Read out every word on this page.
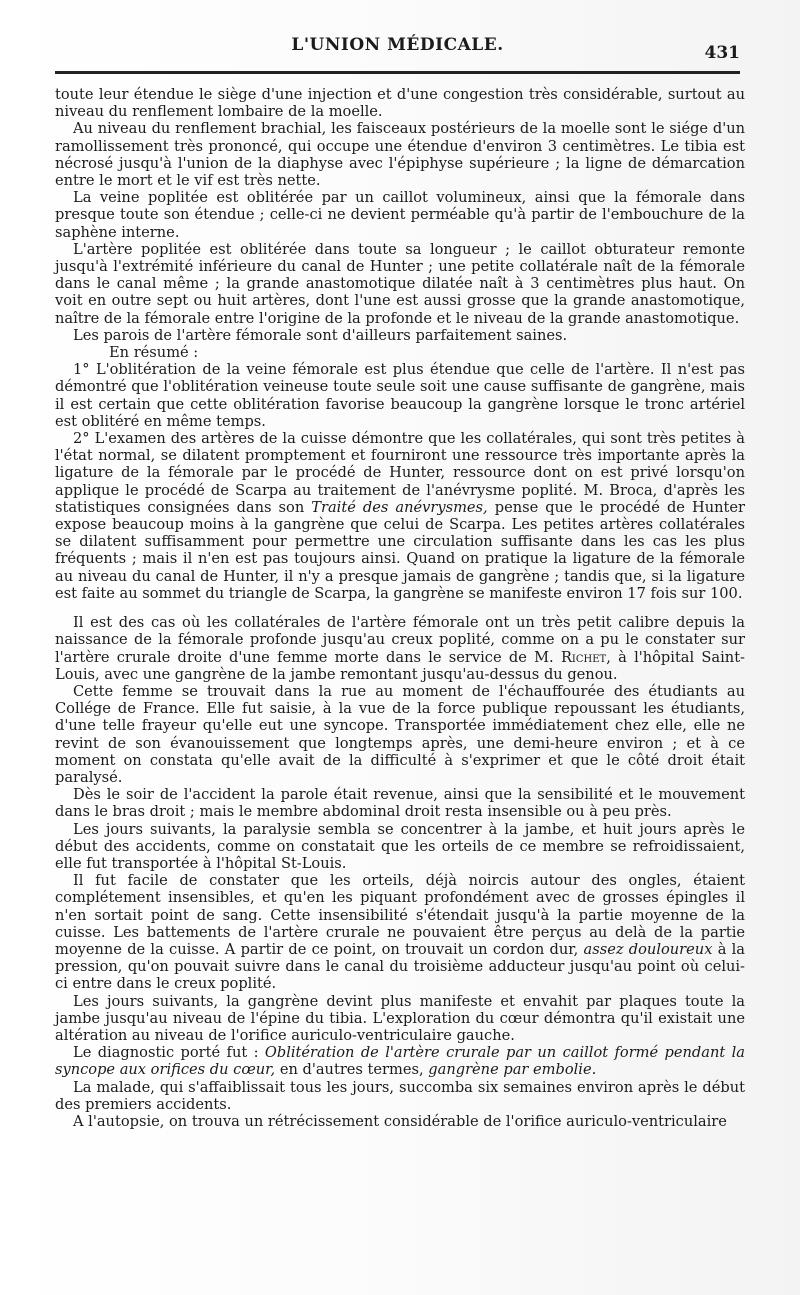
L'UNION MÉDICALE.	431

toute leur étendue le siège d'une injection et d'une congestion très considérable, surtout au niveau du renflement lombaire de la moelle.

Au niveau du renflement brachial, les faisceaux postérieurs de la moelle sont le siége d'un ramollissement très prononcé, qui occupe une étendue d'environ 3 centimètres. Le tibia est nécrosé jusqu'à l'union de la diaphyse avec l'épiphyse supérieure ; la ligne de démarcation entre le mort et le vif est très nette.

La veine poplitée est oblitérée par un caillot volumineux, ainsi que la fémorale dans presque toute son étendue ; celle-ci ne devient perméable qu'à partir de l'embouchure de la saphène interne.

L'artère poplitée est oblitérée dans toute sa longueur ; le caillot obturateur remonte jusqu'à l'extrémité inférieure du canal de Hunter ; une petite collatérale naît de la fémorale dans le canal même ; la grande anastomotique dilatée naît à 3 centimètres plus haut. On voit en outre sept ou huit artères, dont l'une est aussi grosse que la grande anastomotique, naître de la fémorale entre l'origine de la profonde et le niveau de la grande anastomotique.

Les parois de l'artère fémorale sont d'ailleurs parfaitement saines.

En résumé :

1° L'oblitération de la veine fémorale est plus étendue que celle de l'artère. Il n'est pas démontré que l'oblitération veineuse toute seule soit une cause suffisante de gangrène, mais il est certain que cette oblitération favorise beaucoup la gangrène lorsque le tronc artériel est oblitéré en même temps.

2° L'examen des artères de la cuisse démontre que les collatérales, qui sont très petites à l'état normal, se dilatent promptement et fourniront une ressource très importante après la ligature de la fémorale par le procédé de Hunter, ressource dont on est privé lorsqu'on applique le procédé de Scarpa au traitement de l'anévrysme poplité. M. Broca, d'après les statistiques consignées dans son Traité des anévrysmes, pense que le procédé de Hunter expose beaucoup moins à la gangrène que celui de Scarpa. Les petites artères collatérales se dilatent suffisamment pour permettre une circulation suffisante dans les cas les plus fréquents ; mais il n'en est pas toujours ainsi. Quand on pratique la ligature de la fémorale au niveau du canal de Hunter, il n'y a presque jamais de gangrène ; tandis que, si la ligature est faite au sommet du triangle de Scarpa, la gangrène se manifeste environ 17 fois sur 100.

Il est des cas où les collatérales de l'artère fémorale ont un très petit calibre depuis la naissance de la fémorale profonde jusqu'au creux poplité, comme on a pu le constater sur l'artère crurale droite d'une femme morte dans le service de M. Richet, à l'hôpital Saint-Louis, avec une gangrène de la jambe remontant jusqu'au-dessus du genou.

Cette femme se trouvait dans la rue au moment de l'échauffourée des étudiants au Collége de France. Elle fut saisie, à la vue de la force publique repoussant les étudiants, d'une telle frayeur qu'elle eut une syncope. Transportée immédiatement chez elle, elle ne revint de son évanouissement que longtemps après, une demi-heure environ ; et à ce moment on constata qu'elle avait de la difficulté à s'exprimer et que le côté droit était paralysé.

Dès le soir de l'accident la parole était revenue, ainsi que la sensibilité et le mouvement dans le bras droit ; mais le membre abdominal droit resta insensible ou à peu près.

Les jours suivants, la paralysie sembla se concentrer à la jambe, et huit jours après le début des accidents, comme on constatait que les orteils de ce membre se refroidissaient, elle fut transportée à l'hôpital St-Louis.

Il fut facile de constater que les orteils, déjà noircis autour des ongles, étaient complétement insensibles, et qu'en les piquant profondément avec de grosses épingles il n'en sortait point de sang. Cette insensibilité s'étendait jusqu'à la partie moyenne de la cuisse. Les battements de l'artère crurale ne pouvaient être perçus au delà de la partie moyenne de la cuisse. A partir de ce point, on trouvait un cordon dur, assez douloureux à la pression, qu'on pouvait suivre dans le canal du troisième adducteur jusqu'au point où celui-ci entre dans le creux poplité.

Les jours suivants, la gangrène devint plus manifeste et envahit par plaques toute la jambe jusqu'au niveau de l'épine du tibia. L'exploration du cœur démontra qu'il existait une altération au niveau de l'orifice auriculo-ventriculaire gauche.

Le diagnostic porté fut : Oblitération de l'artère crurale par un caillot formé pendant la syncope aux orifices du cœur, en d'autres termes, gangrène par embolie.

La malade, qui s'affaiblissait tous les jours, succomba six semaines environ après le début des premiers accidents.

A l'autopsie, on trouva un rétrécissement considérable de l'orifice auriculo-ventriculaire
